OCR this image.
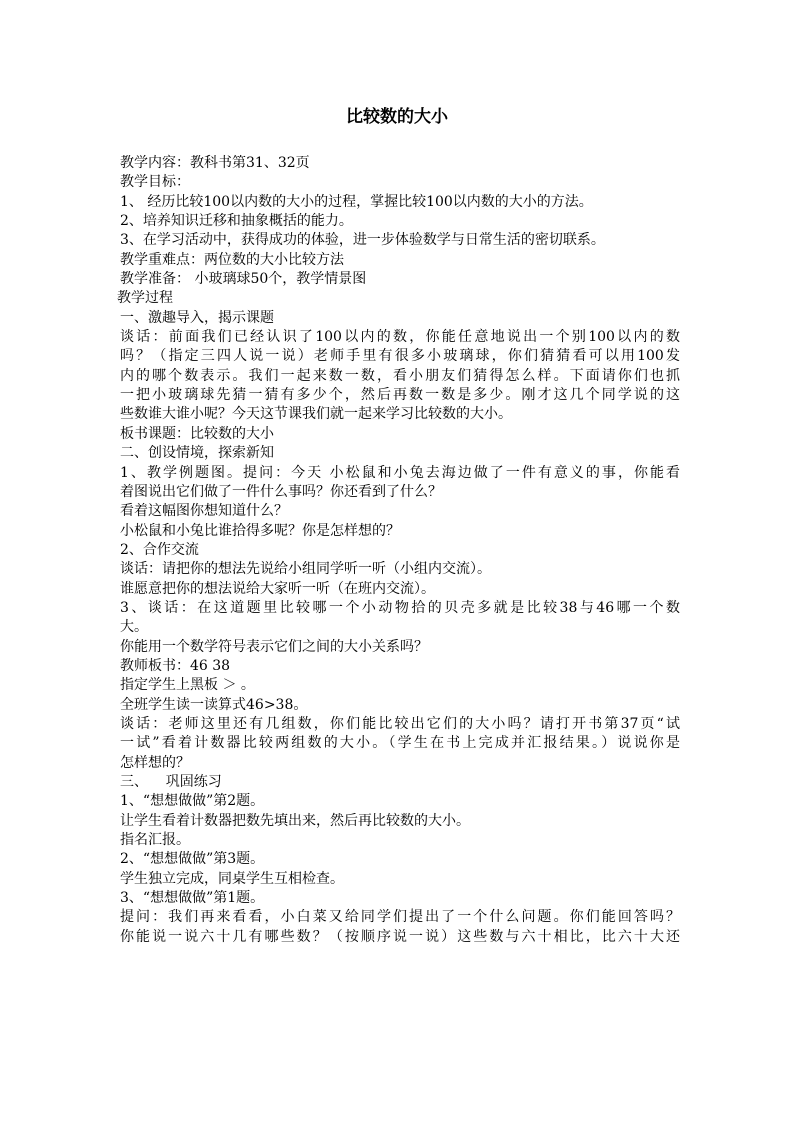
比较数的大小
教学内容：教科书第31、32页
教学目标：
1、 经历比较100以内数的大小的过程，掌握比较100以内数的大小的方法。
2、培养知识迁移和抽象概括的能力。
3、在学习活动中，获得成功的体验，进一步体验数学与日常生活的密切联系。
教学重难点：两位数的大小比较方法
教学准备： 小玻璃球50个，教学情景图
教学过程
一、激趣导入，揭示课题
谈话：前面我们已经认识了100以内的数，你能任意地说出一个别100以内的数
吗？（指定三四人说一说）老师手里有很多小玻璃球，你们猜猜看可以用100发
内的哪个数表示。我们一起来数一数，看小朋友们猜得怎么样。下面请你们也抓
一把小玻璃球先猜一猜有多少个，然后再数一数是多少。刚才这几个同学说的这
些数谁大谁小呢？今天这节课我们就一起来学习比较数的大小。
板书课题：比较数的大小
二、创设情境，探索新知
1、教学例题图。提问：今天 小松鼠和小兔去海边做了一件有意义的事，你能看
着图说出它们做了一件什么事吗？你还看到了什么？
看着这幅图你想知道什么？
小松鼠和小兔比谁拾得多呢？你是怎样想的？
2、合作交流
谈话：请把你的想法先说给小组同学听一听（小组内交流）。
谁愿意把你的想法说给大家听一听（在班内交流）。
3、谈话：在这道题里比较哪一个小动物拾的贝壳多就是比较38与46哪一个数
大。
你能用一个数学符号表示它们之间的大小关系吗？
教师板书：46 38
指定学生上黑板 ＞ 。
全班学生读一读算式46>38。
谈话：老师这里还有几组数，你们能比较出它们的大小吗？请打开书第37页“试
一试”看着计数器比较两组数的大小。（学生在书上完成并汇报结果。）说说你是
怎样想的？
三、    巩固练习
1、“想想做做”第2题。
让学生看着计数器把数先填出来，然后再比较数的大小。
指名汇报。
2、“想想做做”第3题。
学生独立完成，同桌学生互相检查。
3、“想想做做”第1题。
提问：我们再来看看，小白菜又给同学们提出了一个什么问题。你们能回答吗？
你能说一说六十几有哪些数？（按顺序说一说）这些数与六十相比，比六十大还
